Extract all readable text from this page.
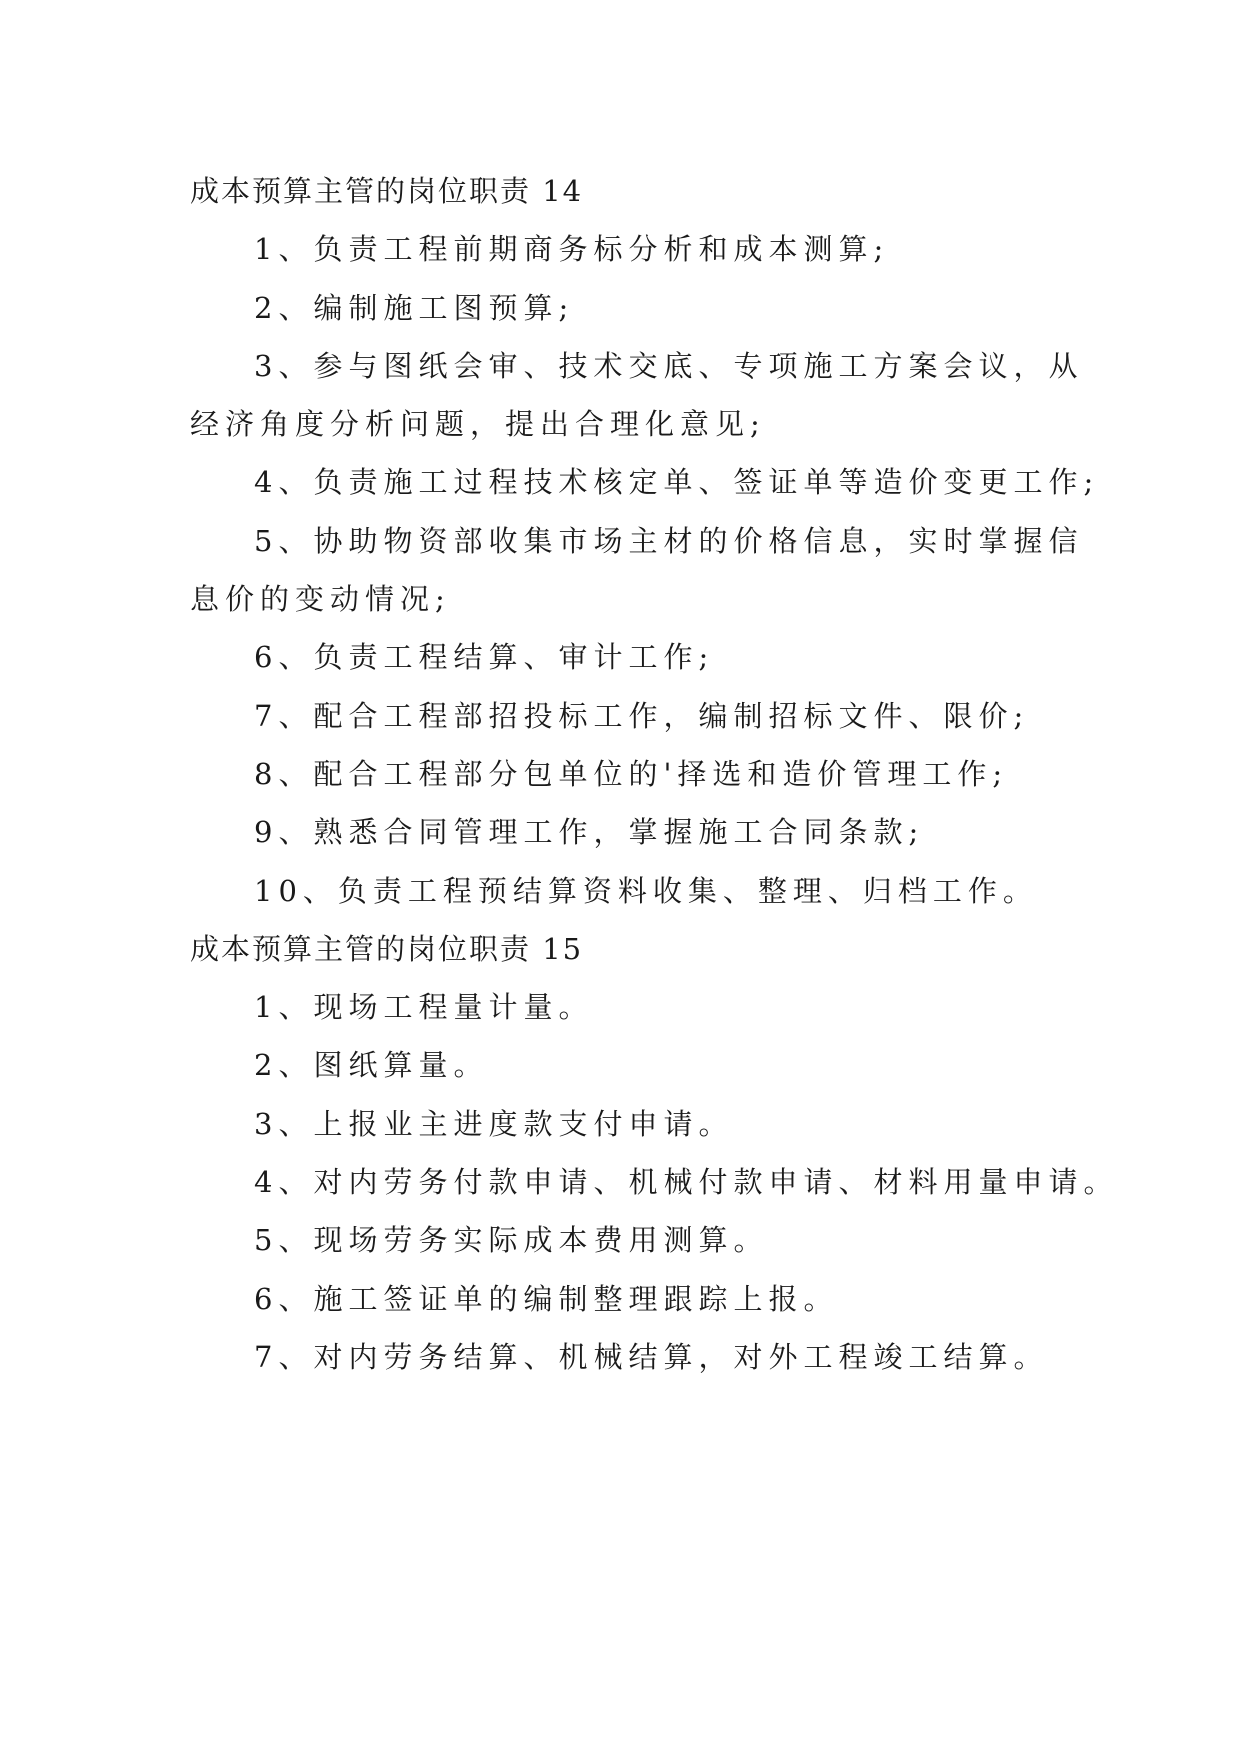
成本预算主管的岗位职责 14
1、负责工程前期商务标分析和成本测算;
2、编制施工图预算;
3、参与图纸会审、技术交底、专项施工方案会议，从
经济角度分析问题，提出合理化意见;
4、负责施工过程技术核定单、签证单等造价变更工作;
5、协助物资部收集市场主材的价格信息，实时掌握信
息价的变动情况;
6、负责工程结算、审计工作;
7、配合工程部招投标工作，编制招标文件、限价;
8、配合工程部分包单位的'择选和造价管理工作;
9、熟悉合同管理工作，掌握施工合同条款;
10、负责工程预结算资料收集、整理、归档工作。
成本预算主管的岗位职责 15
1、现场工程量计量。
2、图纸算量。
3、上报业主进度款支付申请。
4、对内劳务付款申请、机械付款申请、材料用量申请。
5、现场劳务实际成本费用测算。
6、施工签证单的编制整理跟踪上报。
7、对内劳务结算、机械结算，对外工程竣工结算。
